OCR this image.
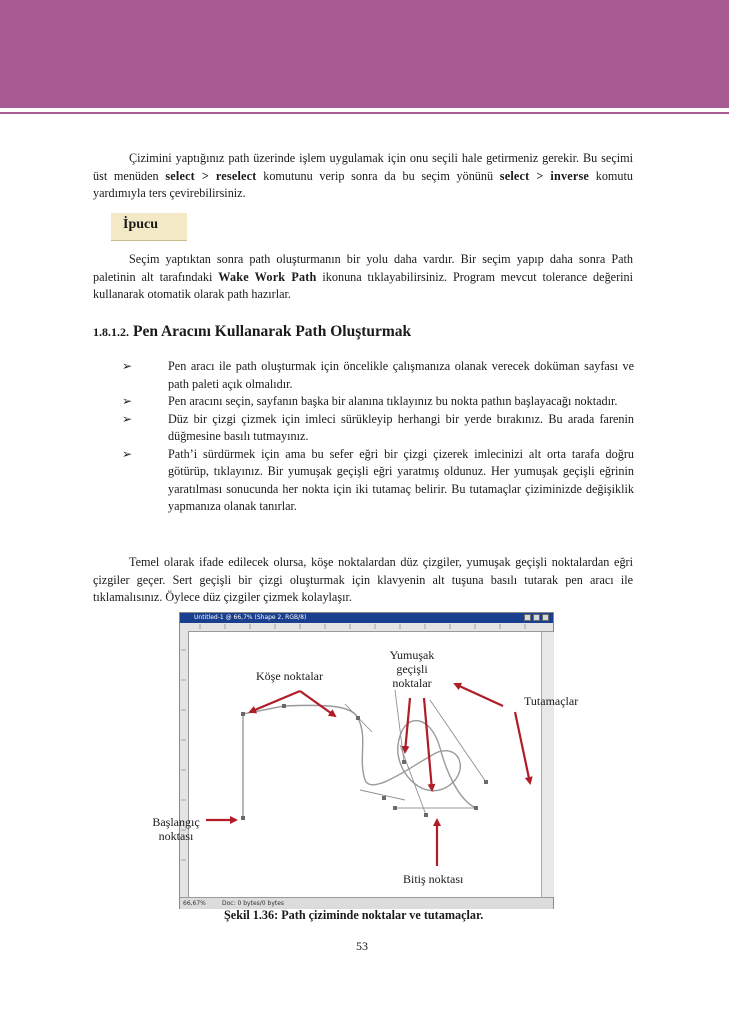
Çizimini yaptığınız path üzerinde işlem uygulamak için onu seçili hale getirmeniz gerekir. Bu seçimi üst menüden select > reselect komutunu verip sonra da bu seçim yönünü select > inverse komutu yardımıyla ters çevirebilirsiniz.

İpucu

Seçim yaptıktan sonra path oluşturmanın bir yolu daha vardır. Bir seçim yapıp daha sonra Path paletinin alt tarafındaki Wake Work Path ikonuna tıklayabilirsiniz. Program mevcut tolerance değerini kullanarak otomatik olarak path hazırlar.

1.8.1.2. Pen Aracını Kullanarak Path Oluşturmak
➢	Pen aracı ile path oluşturmak için öncelikle çalışmanıza olanak verecek doküman sayfası ve path paleti açık olmalıdır.
➢	Pen aracını seçin, sayfanın başka bir alanına tıklayınız bu nokta pathın başlayacağı noktadır.
➢	Düz bir çizgi çizmek için imleci sürükleyip herhangi bir yerde bırakınız. Bu arada farenin düğmesine basılı tutmayınız.
➢	Path’i sürdürmek için ama bu sefer eğri bir çizgi çizerek imlecinizi alt orta tarafa doğru götürüp, tıklayınız. Bir yumuşak geçişli eğri yaratmış oldunuz. Her yumuşak geçişli eğrinin yaratılması sonucunda her nokta için iki tutamaç belirir. Bu tutamaçlar çiziminizde değişiklik yapmanıza olanak tanırlar.

Temel olarak ifade edilecek olursa, köşe noktalardan düz çizgiler, yumuşak geçişli noktalardan eğri çizgiler geçer. Sert geçişli bir çizgi oluşturmak için klavyenin alt tuşuna basılı tutarak pen aracı ile tıklamalısınız. Öylece düz çizgiler çizmek kolaylaşır.

Untitled-1 @ 66,7% (Shape 2, RGB/8)
66,67%	Doc: 0 bytes/0 bytes
Köşe noktalar
Yumuşak
geçişli
noktalar
Tutamaçlar
Başlangıç
noktası
Bitiş noktası
Şekil 1.36: Path çiziminde noktalar ve tutamaçlar.
53
